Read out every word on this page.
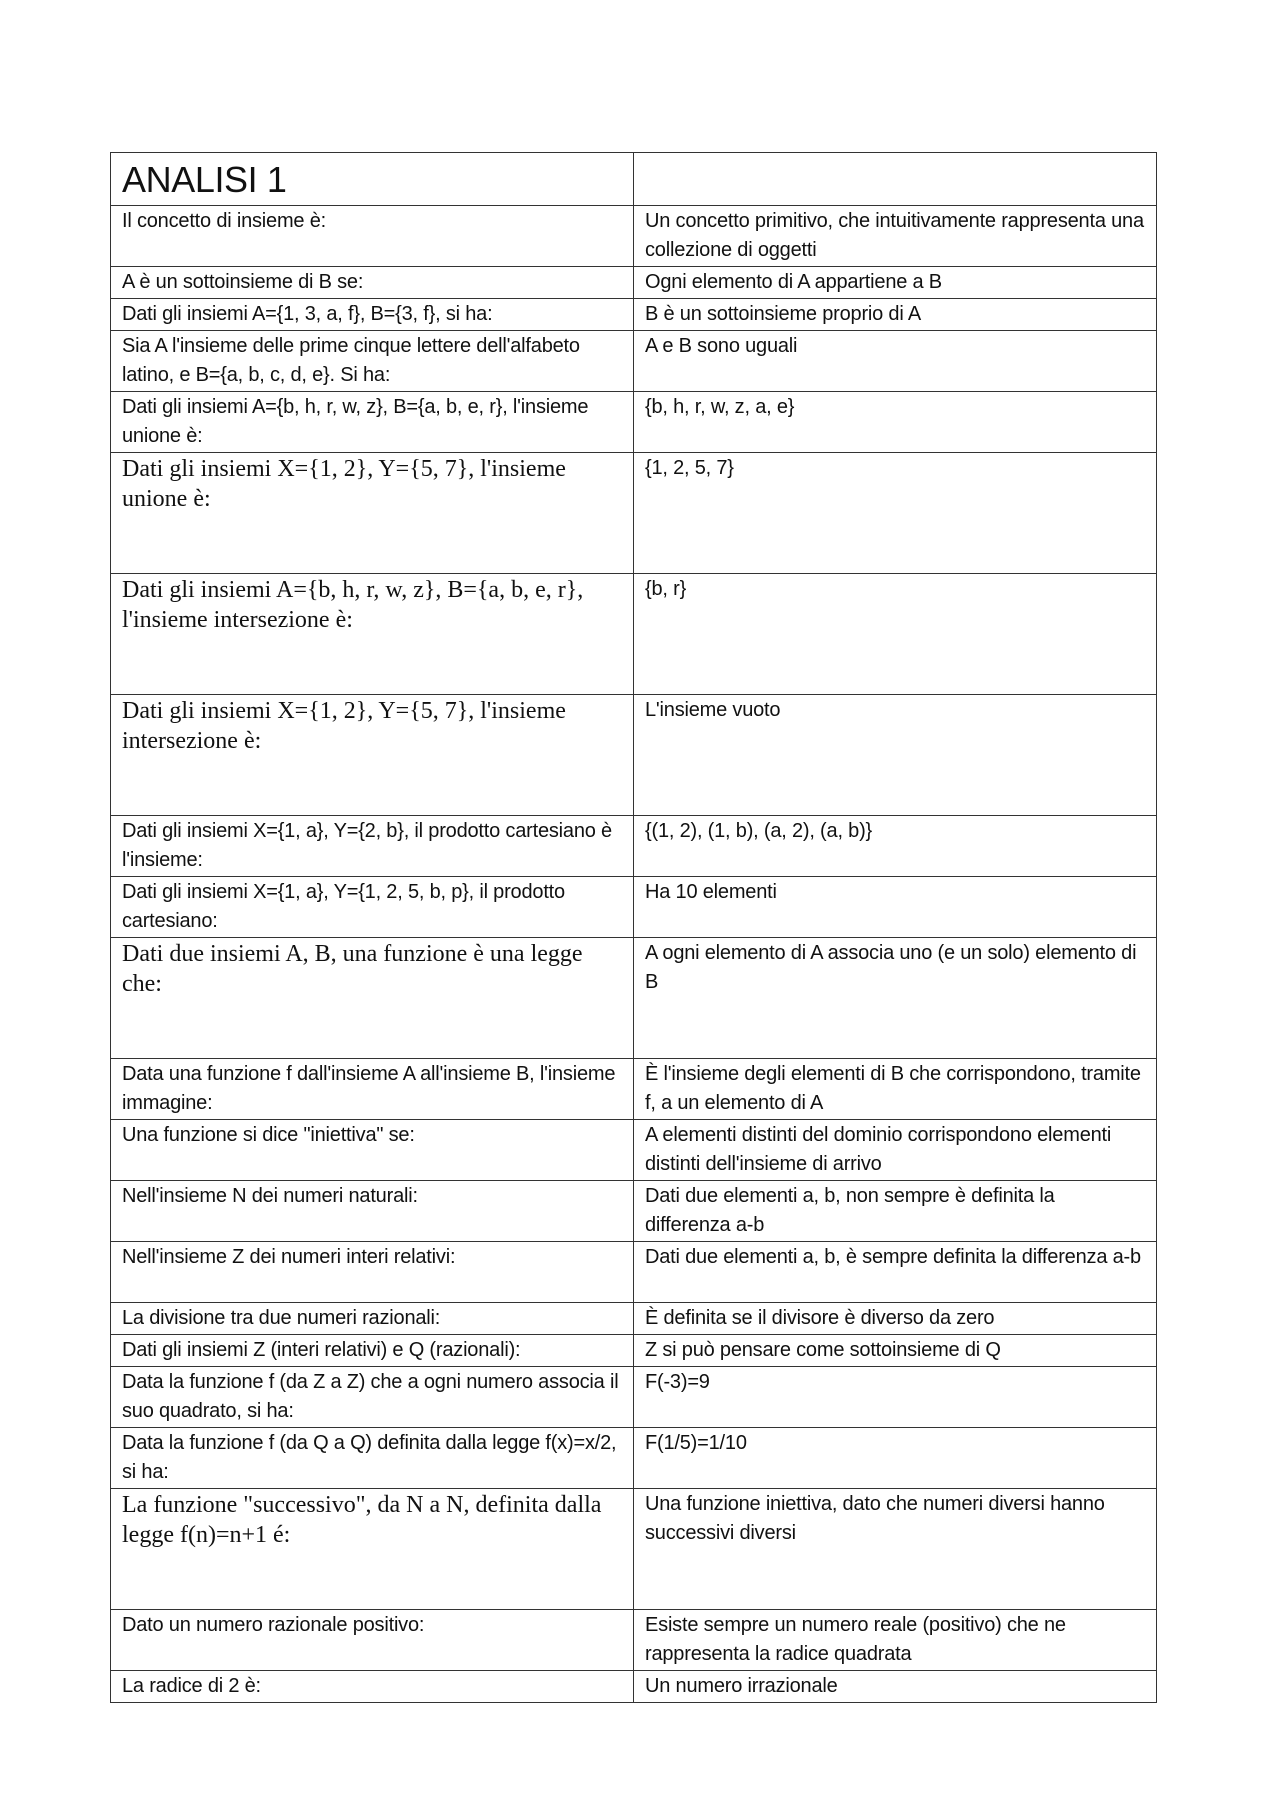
ANALISI 1	
Il concetto di insieme è:	Un concetto primitivo, che intuitivamente rappresenta una collezione di oggetti
A è un sottoinsieme di B se:	Ogni elemento di A appartiene a B
Dati gli insiemi A={1, 3, a, f}, B={3, f}, si ha:	B è un sottoinsieme proprio di A
Sia A l'insieme delle prime cinque lettere dell'alfabeto latino, e B={a, b, c, d, e}. Si ha:	A e B sono uguali
Dati gli insiemi A={b, h, r, w, z}, B={a, b, e, r}, l'insieme unione è:	{b, h, r, w, z, a, e}
Dati gli insiemi X={1, 2}, Y={5, 7}, l'insieme unione è:	{1, 2, 5, 7}
Dati gli insiemi A={b, h, r, w, z}, B={a, b, e, r}, l'insieme intersezione è:	{b, r}
Dati gli insiemi X={1, 2}, Y={5, 7}, l'insieme intersezione è:	L'insieme vuoto
Dati gli insiemi X={1, a}, Y={2, b}, il prodotto cartesiano è l'insieme:	{(1, 2), (1, b), (a, 2), (a, b)}
Dati gli insiemi X={1, a}, Y={1, 2, 5, b, p}, il prodotto cartesiano:	Ha 10 elementi
Dati due insiemi A, B, una funzione è una legge che:	A ogni elemento di A associa uno (e un solo) elemento di B
Data una funzione f dall'insieme A all'insieme B, l'insieme immagine:	È l'insieme degli elementi di B che corrispondono, tramite f, a un elemento di A
Una funzione si dice "iniettiva" se:	A elementi distinti del dominio corrispondono elementi distinti dell'insieme di arrivo
Nell'insieme N dei numeri naturali:	Dati due elementi a, b, non sempre è definita la differenza a-b
Nell'insieme Z dei numeri interi relativi:	Dati due elementi a, b, è sempre definita la differenza a-b
La divisione tra due numeri razionali:	È definita se il divisore è diverso da zero
Dati gli insiemi Z (interi relativi) e Q (razionali):	Z si può pensare come sottoinsieme di Q
Data la funzione f (da Z a Z) che a ogni numero associa il suo quadrato, si ha:	F(-3)=9
Data la funzione f (da Q a Q) definita dalla legge f(x)=x/2, si ha:	F(1/5)=1/10
La funzione "successivo", da N a N, definita dalla legge f(n)=n+1 é:	Una funzione iniettiva, dato che numeri diversi hanno successivi diversi
Dato un numero razionale positivo:	Esiste sempre un numero reale (positivo) che ne rappresenta la radice quadrata
La radice di 2 è:	Un numero irrazionale
